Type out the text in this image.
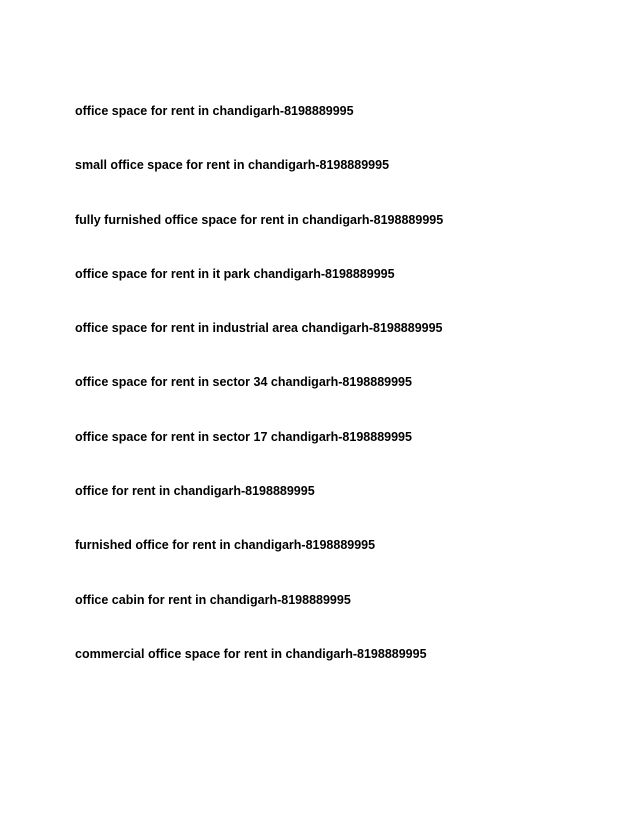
office space for rent in chandigarh-8198889995
small office space for rent in chandigarh-8198889995
fully furnished office space for rent in chandigarh-8198889995
office space for rent in it park chandigarh-8198889995
office space for rent in industrial area chandigarh-8198889995
office space for rent in sector 34 chandigarh-8198889995
office space for rent in sector 17 chandigarh-8198889995
office for rent in chandigarh-8198889995
furnished office for rent in chandigarh-8198889995
office cabin for rent in chandigarh-8198889995
commercial office space for rent in chandigarh-8198889995
